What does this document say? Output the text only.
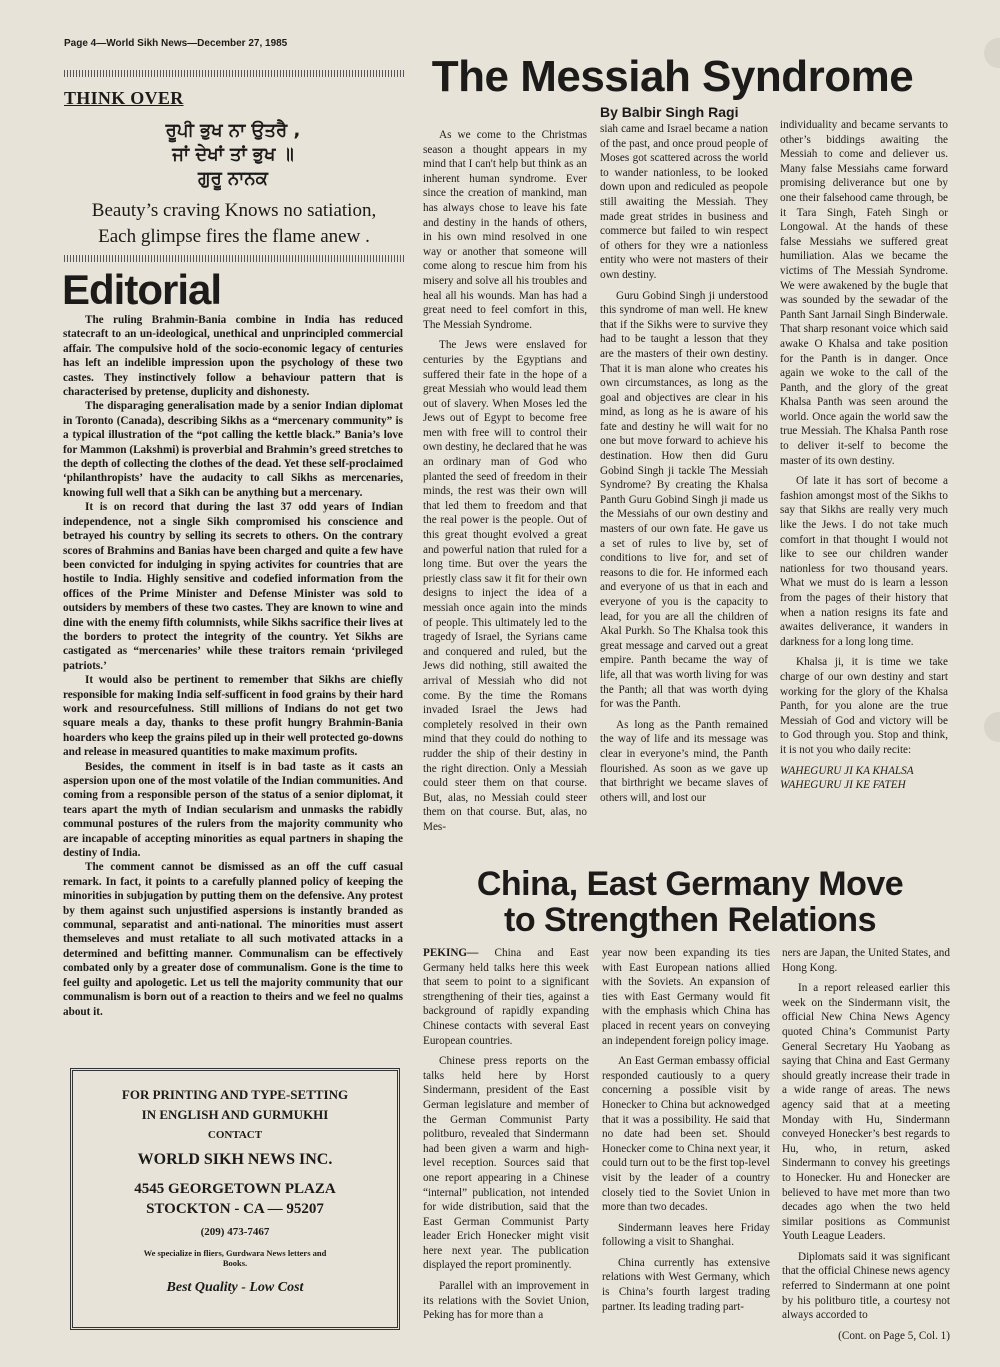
Page 4—World Sikh News—December 27, 1985
THINK OVER
ਰੂਪੀ ਭੁਖ ਨਾ ਉਤਰੈ ,
ਜਾਂ ਦੇਖਾਂ ਤਾਂ ਭੁਖ ॥
ਗੁਰੂ ਨਾਨਕ
Beauty’s craving Knows no satiation,
Each glimpse fires the flame anew .
Editorial

The ruling Brahmin-Bania combine in India has reduced statecraft to an un-ideological, unethical and unprincipled commercial affair. The compulsive hold of the socio-economic legacy of centuries has left an indelible impression upon the psychology of these two castes. They instinctively follow a behaviour pattern that is characterised by pretense, duplicity and dishonesty.

The disparaging generalisation made by a senior Indian diplomat in Toronto (Canada), describing Sikhs as a “mercenary community” is a typical illustration of the “pot calling the kettle black.” Bania’s love for Mammon (Lakshmi) is proverbial and Brahmin’s greed stretches to the depth of collecting the clothes of the dead. Yet these self-proclaimed ‘philanthropists’ have the audacity to call Sikhs as mercenaries, knowing full well that a Sikh can be anything but a mercenary.

It is on record that during the last 37 odd years of Indian independence, not a single Sikh compromised his conscience and betrayed his country by selling its secrets to others. On the contrary scores of Brahmins and Banias have been charged and quite a few have been convicted for indulging in spying activites for countries that are hostile to India. Highly sensitive and codefied information from the offices of the Prime Minister and Defense Minister was sold to outsiders by members of these two castes. They are known to wine and dine with the enemy fifth columnists, while Sikhs sacrifice their lives at the borders to protect the integrity of the country. Yet Sikhs are castigated as “mercenaries’ while these traitors remain ‘privileged patriots.’

It would also be pertinent to remember that Sikhs are chiefly responsible for making India self-sufficent in food grains by their hard work and resourcefulness. Still millions of Indians do not get two square meals a day, thanks to these profit hungry Brahmin-Bania hoarders who keep the grains piled up in their well protected go-downs and release in measured quantities to make maximum profits.

Besides, the comment in itself is in bad taste as it casts an aspersion upon one of the most volatile of the Indian communities. And coming from a responsible person of the status of a senior diplomat, it tears apart the myth of Indian secularism and unmasks the rabidly communal postures of the rulers from the majority community who are incapable of accepting minorities as equal partners in shaping the destiny of India.

The comment cannot be dismissed as an off the cuff casual remark. In fact, it points to a carefully planned policy of keeping the minorities in subjugation by putting them on the defensive. Any protest by them against such unjustified aspersions is instantly branded as communal, separatist and anti-national. The minorities must assert themseleves and must retaliate to all such motivated attacks in a determined and befitting manner. Communalism can be effectively combated only by a greater dose of communalism. Gone is the time to feel guilty and apologetic. Let us tell the majority community that our communalism is born out of a reaction to theirs and we feel no qualms about it.

FOR PRINTING AND TYPE-SETTING
IN ENGLISH AND GURMUKHI
CONTACT
WORLD SIKH NEWS INC.
4545 GEORGETOWN PLAZA
STOCKTON - CA — 95207
(209) 473-7467
We specialize in fliers, Gurdwara News letters and Books.
Best Quality - Low Cost
The Messiah Syndrome
By Balbir Singh Ragi

As we come to the Christmas season a thought appears in my mind that I can't help but think as an inherent human syndrome. Ever since the creation of mankind, man has always chose to leave his fate and destiny in the hands of others, in his own mind resolved in one way or another that someone will come along to rescue him from his misery and solve all his troubles and heal all his wounds. Man has had a great need to feel comfort in this, The Messiah Syndrome.

The Jews were enslaved for centuries by the Egyptians and suffered their fate in the hope of a great Messiah who would lead them out of slavery. When Moses led the Jews out of Egypt to become free men with free will to control their own destiny, he declared that he was an ordinary man of God who planted the seed of freedom in their minds, the rest was their own will that led them to freedom and that the real power is the people. Out of this great thought evolved a great and powerful nation that ruled for a long time. But over the years the priestly class saw it fit for their own designs to inject the idea of a messiah once again into the minds of people. This ultimately led to the tragedy of Israel, the Syrians came and conquered and ruled, but the Jews did nothing, still awaited the arrival of Messiah who did not come. By the time the Romans invaded Israel the Jews had completely resolved in their own mind that they could do nothing to rudder the ship of their destiny in the right direction. Only a Messiah could steer them on that course. But, alas, no Messiah could steer them on that course. But, alas, no Mes-

siah came and Israel became a nation of the past, and once proud people of Moses got scattered across the world to wander nationless, to be looked down upon and rediculed as peopole still awaiting the Messiah. They made great strides in business and commerce but failed to win respect of others for they wre a nationless entity who were not masters of their own destiny.

Guru Gobind Singh ji understood this syndrome of man well. He knew that if the Sikhs were to survive they had to be taught a lesson that they are the masters of their own destiny. That it is man alone who creates his own circumstances, as long as the goal and objectives are clear in his mind, as long as he is aware of his fate and destiny he will wait for no one but move forward to achieve his destination. How then did Guru Gobind Singh ji tackle The Messiah Syndrome? By creating the Khalsa Panth Guru Gobind Singh ji made us the Messiahs of our own destiny and masters of our own fate. He gave us a set of rules to live by, set of conditions to live for, and set of reasons to die for. He informed each and everyone of us that in each and everyone of you is the capacity to lead, for you are all the children of Akal Purkh. So The Khalsa took this great message and carved out a great empire. Panth became the way of life, all that was worth living for was the Panth; all that was worth dying for was the Panth.

As long as the Panth remained the way of life and its message was clear in everyone’s mind, the Panth flourished. As soon as we gave up that birthright we became slaves of others will, and lost our

individuality and became servants to other’s biddings awaiting the Messiah to come and deliever us. Many false Messiahs came forward promising deliverance but one by one their falsehood came through, be it Tara Singh, Fateh Singh or Longowal. At the hands of these false Messiahs we suffered great humiliation. Alas we became the victims of The Messiah Syndrome. We were awakened by the bugle that was sounded by the sewadar of the Panth Sant Jarnail Singh Binderwale. That sharp resonant voice which said awake O Khalsa and take position for the Panth is in danger. Once again we woke to the call of the Panth, and the glory of the great Khalsa Panth was seen around the world. Once again the world saw the true Messiah. The Khalsa Panth rose to deliver it-self to become the master of its own destiny.

Of late it has sort of become a fashion amongst most of the Sikhs to say that Sikhs are really very much like the Jews. I do not take much comfort in that thought I would not like to see our children wander nationless for two thousand years. What we must do is learn a lesson from the pages of their history that when a nation resigns its fate and awaites deliverance, it wanders in darkness for a long long time.

Khalsa ji, it is time we take charge of our own destiny and start working for the glory of the Khalsa Panth, for you alone are the true Messiah of God and victory will be to God through you. Stop and think, it is not you who daily recite:

WAHEGURU JI KA KHALSA

WAHEGURU JI KE FATEH

China, East Germany Move
to Strengthen Relations

PEKING— China and East Germany held talks here this week that seem to point to a significant strengthening of their ties, against a background of rapidly expanding Chinese contacts with several East European countries.

Chinese press reports on the talks held here by Horst Sindermann, president of the East German legislature and member of the German Communist Party politburo, revealed that Sindermann had been given a warm and high-level reception. Sources said that one report appearing in a Chinese “internal” publication, not intended for wide distribution, said that the East German Communist Party leader Erich Honecker might visit here next year. The publication displayed the report prominently.

Parallel with an improvement in its relations with the Soviet Union, Peking has for more than a

year now been expanding its ties with East European nations allied with the Soviets. An expansion of ties with East Germany would fit with the emphasis which China has placed in recent years on conveying an independent foreign policy image.

An East German embassy official responded cautiously to a query concerning a possible visit by Honecker to China but acknowedged that it was a possibility. He said that no date had been set. Should Honecker come to China next year, it could turn out to be the first top-level visit by the leader of a country closely tied to the Soviet Union in more than two decades.

Sindermann leaves here Friday following a visit to Shanghai.

China currently has extensive relations with West Germany, which is China’s fourth largest trading partner. Its leading trading part-

ners are Japan, the United States, and Hong Kong.

In a report released earlier this week on the Sindermann visit, the official New China News Agency quoted China’s Communist Party General Secretary Hu Yaobang as saying that China and East Germany should greatly increase their trade in a wide range of areas. The news agency said that at a meeting Monday with Hu, Sindermann conveyed Honecker’s best regards to Hu, who, in return, asked Sindermann to convey his greetings to Honecker. Hu and Honecker are believed to have met more than two decades ago when the two held similar positions as Communist Youth League Leaders.

Diplomats said it was significant that the official Chinese news agency referred to Sindermann at one point by his politburo title, a courtesy not always accorded to

(Cont. on Page 5, Col. 1)
